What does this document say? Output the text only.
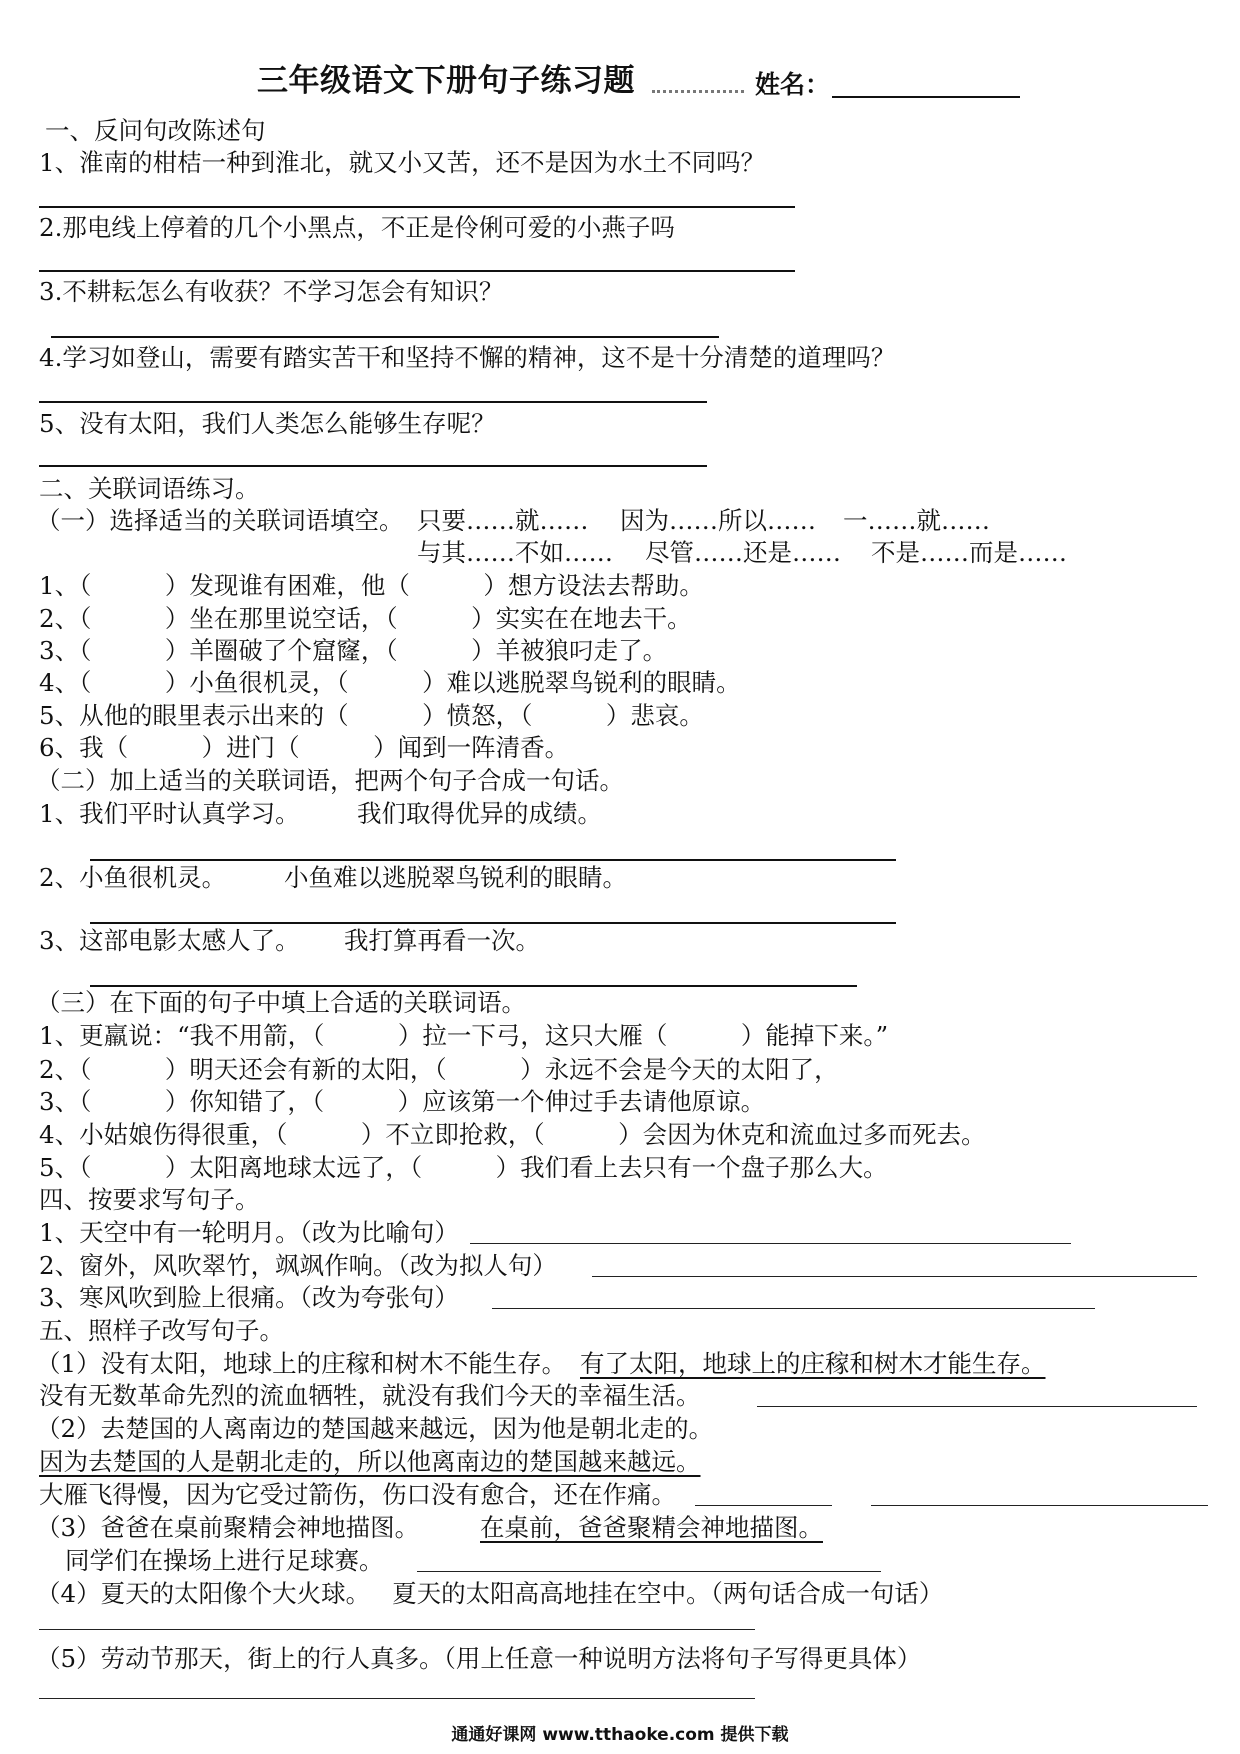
三年级语文下册句子练习题	姓名：
一、反问句改陈述句
1、淮南的柑桔一种到淮北，就又小又苦，还不是因为水土不同吗？
2.那电线上停着的几个小黑点，不正是伶俐可爱的小燕子吗
3.不耕耘怎么有收获？不学习怎会有知识？
4.学习如登山，需要有踏实苦干和坚持不懈的精神，这不是十分清楚的道理吗？
5、没有太阳，我们人类怎么能够生存呢？
二、关联词语练习。
（一）选择适当的关联词语填空。 只要……就…… 因为……所以…… 一……就……
与其……不如…… 尽管……还是…… 不是……而是……
1、（　　　）发现谁有困难，他（　　　）想方设法去帮助。
2、（　　　）坐在那里说空话，（　　　）实实在在地去干。
3、（　　　）羊圈破了个窟窿，（　　　）羊被狼叼走了。
4、（　　　）小鱼很机灵，（　　　）难以逃脱翠鸟锐利的眼睛。
5、从他的眼里表示出来的（　　　）愤怒，（　　　）悲哀。
6、我（　　　）进门（　　　）闻到一阵清香。
（二）加上适当的关联词语，把两个句子合成一句话。
1、我们平时认真学习。 我们取得优异的成绩。
2、小鱼很机灵。 小鱼难以逃脱翠鸟锐利的眼睛。
3、这部电影太感人了。 我打算再看一次。
（三）在下面的句子中填上合适的关联词语。
1、更羸说：“我不用箭，（　　　）拉一下弓，这只大雁（　　　）能掉下来。”
2、（　　　）明天还会有新的太阳，（　　　）永远不会是今天的太阳了，
3、（　　　）你知错了，（　　　）应该第一个伸过手去请他原谅。
4、小姑娘伤得很重，（　　　）不立即抢救，（　　　）会因为休克和流血过多而死去。
5、（　　　）太阳离地球太远了，（　　　）我们看上去只有一个盘子那么大。
四、按要求写句子。
1、天空中有一轮明月。（改为比喻句）
2、窗外，风吹翠竹，飒飒作响。（改为拟人句）
3、寒风吹到脸上很痛。（改为夸张句）
五、照样子改写句子。
（1）没有太阳，地球上的庄稼和树木不能生存。 有了太阳，地球上的庄稼和树木才能生存。
没有无数革命先烈的流血牺牲，就没有我们今天的幸福生活。
（2）去楚国的人离南边的楚国越来越远，因为他是朝北走的。
因为去楚国的人是朝北走的，所以他离南边的楚国越来越远。
大雁飞得慢，因为它受过箭伤，伤口没有愈合，还在作痛。
（3）爸爸在桌前聚精会神地描图。 在桌前，爸爸聚精会神地描图。
同学们在操场上进行足球赛。
（4）夏天的太阳像个大火球。 夏天的太阳高高地挂在空中。（两句话合成一句话）
（5）劳动节那天，街上的行人真多。（用上任意一种说明方法将句子写得更具体）
通通好课网 www.tthaoke.com 提供下载
